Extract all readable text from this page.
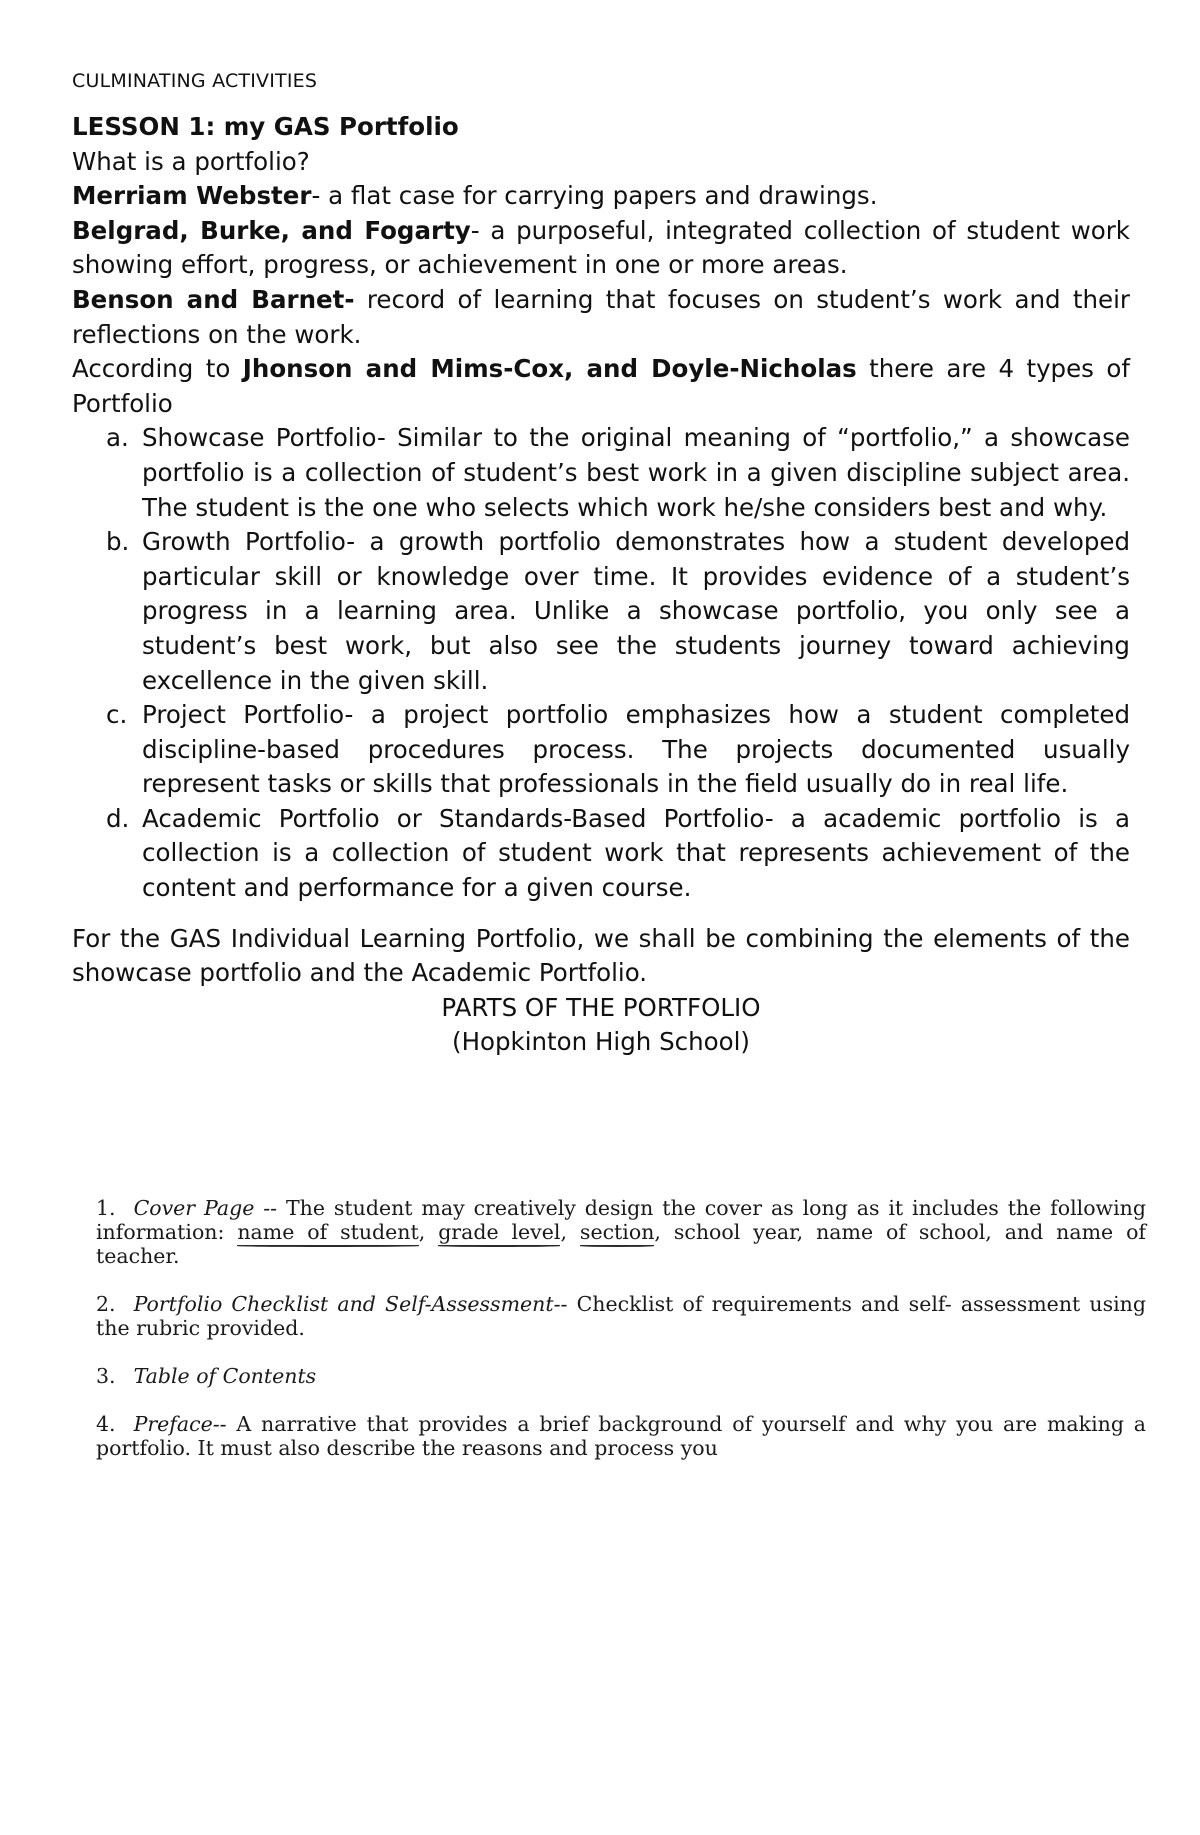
CULMINATING ACTIVITIES

LESSON 1: my GAS Portfolio

What is a portfolio?

Merriam Webster- a flat case for carrying papers and drawings.

Belgrad, Burke, and Fogarty- a purposeful, integrated collection of student work showing effort, progress, or achievement in one or more areas.

Benson and Barnet- record of learning that focuses on student’s work and their reflections on the work.

According to Jhonson and Mims-Cox, and Doyle-Nicholas there are 4 types of Portfolio

a. Showcase Portfolio- Similar to the original meaning of “portfolio,” a showcase portfolio is a collection of student’s best work in a given discipline subject area. The student is the one who selects which work he/she considers best and why.
b. Growth Portfolio- a growth portfolio demonstrates how a student developed particular skill or knowledge over time. It provides evidence of a student’s progress in a learning area. Unlike a showcase portfolio, you only see a student’s best work, but also see the students journey toward achieving excellence in the given skill.
c. Project Portfolio- a project portfolio emphasizes how a student completed discipline-based procedures process. The projects documented usually represent tasks or skills that professionals in the field usually do in real life.
d. Academic Portfolio or Standards-Based Portfolio- a academic portfolio is a collection is a collection of student work that represents achievement of the content and performance for a given course.

For the GAS Individual Learning Portfolio, we shall be combining the elements of the showcase portfolio and the Academic Portfolio.

PARTS OF THE PORTFOLIO

(Hopkinton High School)

1. Cover Page -- The student may creatively design the cover as long as it includes the following information: name of student, grade level, section, school year, name of school, and name of teacher.
2. Portfolio Checklist and Self-Assessment-- Checklist of requirements and self- assessment using the rubric provided.
3. Table of Contents
4. Preface-- A narrative that provides a brief background of yourself and why you are making a portfolio. It must also describe the reasons and process you
